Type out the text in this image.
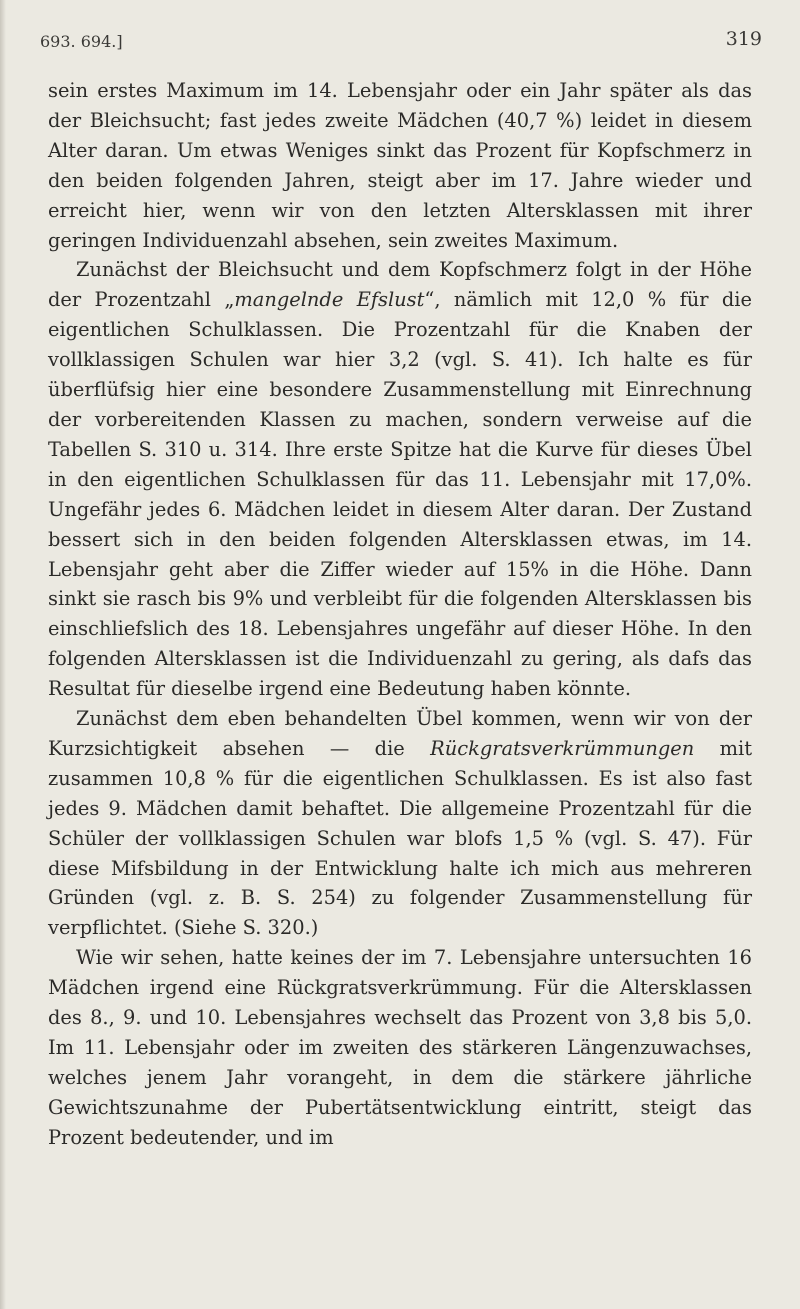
693. 694.]	319

sein erstes Maximum im 14. Lebensjahr oder ein Jahr später als das der Bleichsucht; fast jedes zweite Mädchen (40,7 %) leidet in diesem Alter daran. Um etwas Weniges sinkt das Prozent für Kopfschmerz in den beiden folgenden Jahren, steigt aber im 17. Jahre wieder und erreicht hier, wenn wir von den letzten Altersklassen mit ihrer geringen Individuenzahl absehen, sein zweites Maximum.

Zunächst der Bleichsucht und dem Kopfschmerz folgt in der Höhe der Prozentzahl „mangelnde Efslust“, nämlich mit 12,0 % für die eigentlichen Schulklassen. Die Prozentzahl für die Knaben der vollklassigen Schulen war hier 3,2 (vgl. S. 41). Ich halte es für überflüfsig hier eine besondere Zusammenstellung mit Einrechnung der vorbereitenden Klassen zu machen, sondern verweise auf die Tabellen S. 310 u. 314. Ihre erste Spitze hat die Kurve für dieses Übel in den eigentlichen Schulklassen für das 11. Lebensjahr mit 17,0%. Ungefähr jedes 6. Mädchen leidet in diesem Alter daran. Der Zustand bessert sich in den beiden folgenden Altersklassen etwas, im 14. Lebensjahr geht aber die Ziffer wieder auf 15% in die Höhe. Dann sinkt sie rasch bis 9% und verbleibt für die folgenden Altersklassen bis einschliefslich des 18. Lebensjahres ungefähr auf dieser Höhe. In den folgenden Altersklassen ist die Individuenzahl zu gering, als dafs das Resultat für dieselbe irgend eine Bedeutung haben könnte.

Zunächst dem eben behandelten Übel kommen, wenn wir von der Kurzsichtigkeit absehen — die Rückgratsverkrümmungen mit zusammen 10,8 % für die eigentlichen Schulklassen. Es ist also fast jedes 9. Mädchen damit behaftet. Die allgemeine Prozentzahl für die Schüler der vollklassigen Schulen war blofs 1,5 % (vgl. S. 47). Für diese Mifsbildung in der Entwicklung halte ich mich aus mehreren Gründen (vgl. z. B. S. 254) zu folgender Zusammenstellung für verpflichtet. (Siehe S. 320.)

Wie wir sehen, hatte keines der im 7. Lebensjahre untersuchten 16 Mädchen irgend eine Rückgratsverkrümmung. Für die Altersklassen des 8., 9. und 10. Lebensjahres wechselt das Prozent von 3,8 bis 5,0. Im 11. Lebensjahr oder im zweiten des stärkeren Längenzuwachses, welches jenem Jahr vorangeht, in dem die stärkere jährliche Gewichtszunahme der Pubertätsentwicklung eintritt, steigt das Prozent bedeutender, und im
